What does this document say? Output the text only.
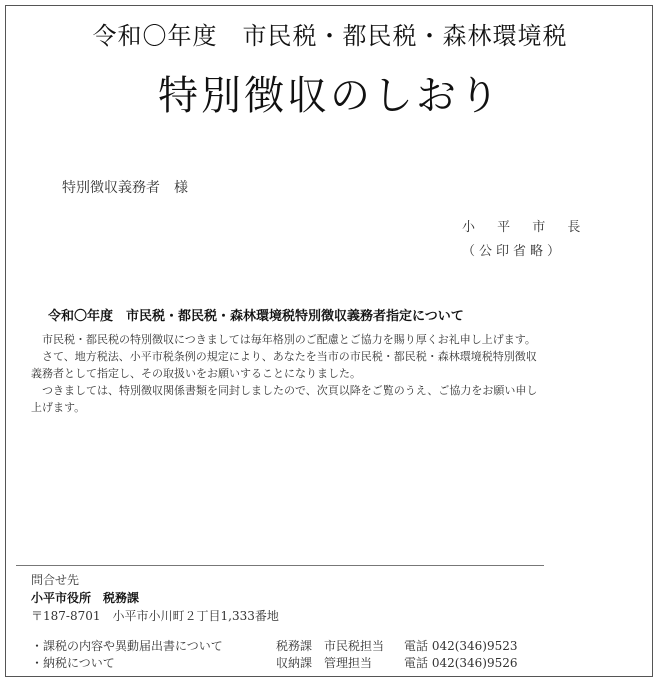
令和〇年度　市民税・都民税・森林環境税
特別徴収のしおり
特別徴収義務者　様
小 平 市 長
（公印省略）
令和〇年度　市民税・都民税・森林環境税特別徴収義務者指定について

市民税・都民税の特別徴収につきましては毎年格別のご配慮とご協力を賜り厚くお礼申し上げます。

さて、地方税法、小平市税条例の規定により、あなたを当市の市民税・都民税・森林環境税特別徴収義務者として指定し、その取扱いをお願いすることになりました。

つきましては、特別徴収関係書類を同封しましたので、次頁以降をご覧のうえ、ご協力をお願い申し上げます。

問合せ先
小平市役所　税務課
〒187-8701　小平市小川町２丁目1,333番地
・課税の内容や異動届出書について	税務課　市民税担当	電話 042(346)9523
・納税について	収納課　管理担当	電話 042(346)9526
